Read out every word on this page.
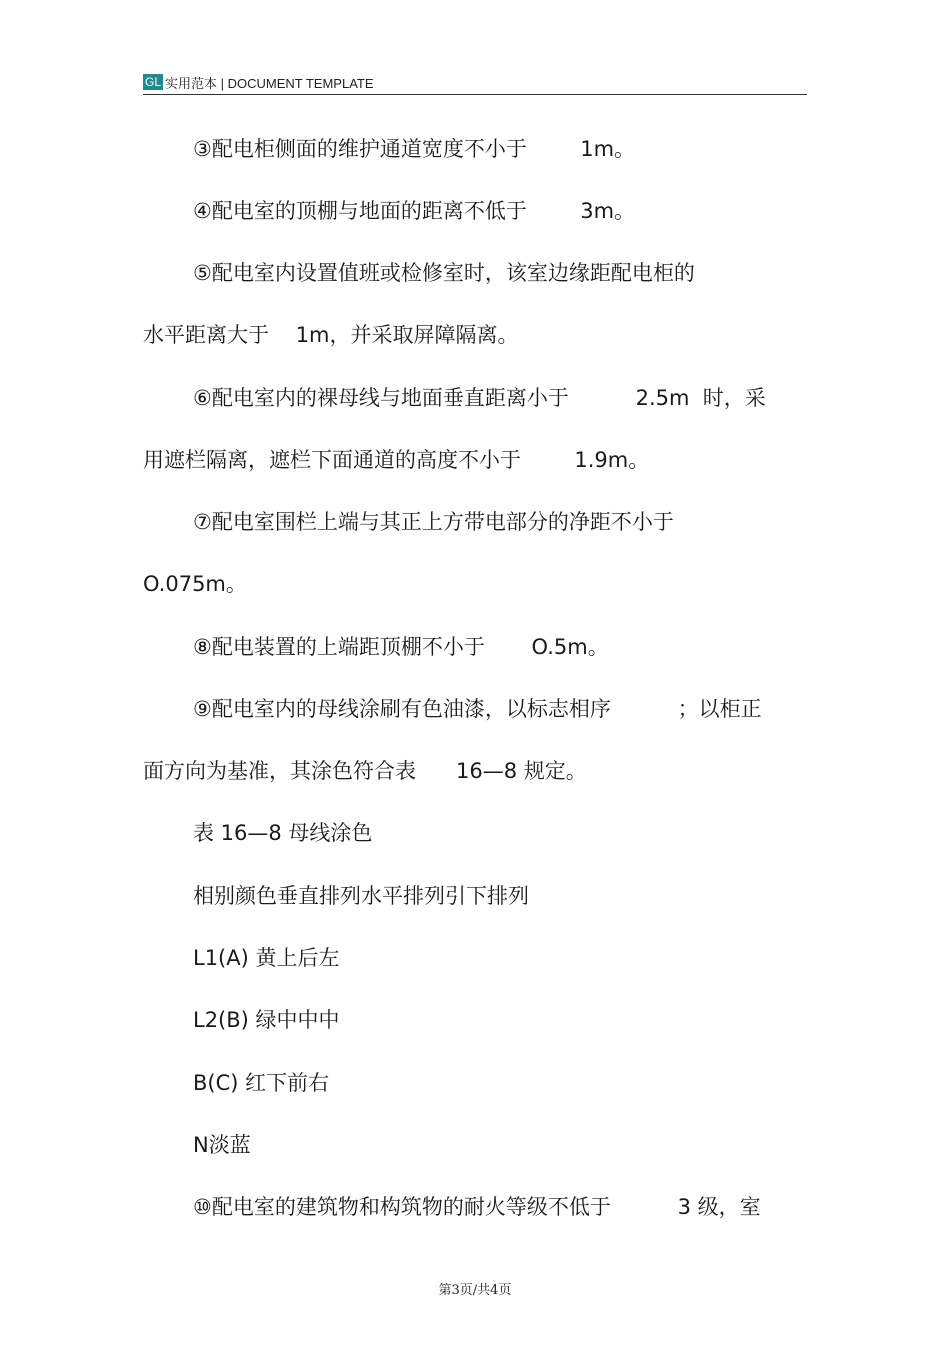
GL 实用范本 | DOCUMENT TEMPLATE
③配电柜侧面的维护通道宽度不小于        1m。
④配电室的顶棚与地面的距离不低于        3m。
⑤配电室内设置值班或检修室时，该室边缘距配电柜的
水平距离大于    1m，并采取屏障隔离。
⑥配电室内的裸母线与地面垂直距离小于          2.5m  时，采
用遮栏隔离，遮栏下面通道的高度不小于        1.9m。
⑦配电室围栏上端与其正上方带电部分的净距不小于
O.075m。
⑧配电装置的上端距顶棚不小于       O.5m。
⑨配电室内的母线涂刷有色油漆，以标志相序          ；以柜正
面方向为基准，其涂色符合表      16—8 规定。
表 16—8 母线涂色
相别颜色垂直排列水平排列引下排列
L1(A) 黄上后左
L2(B) 绿中中中
B(C) 红下前右
N淡蓝
⑩配电室的建筑物和构筑物的耐火等级不低于          3 级，室
第3页/共4页
